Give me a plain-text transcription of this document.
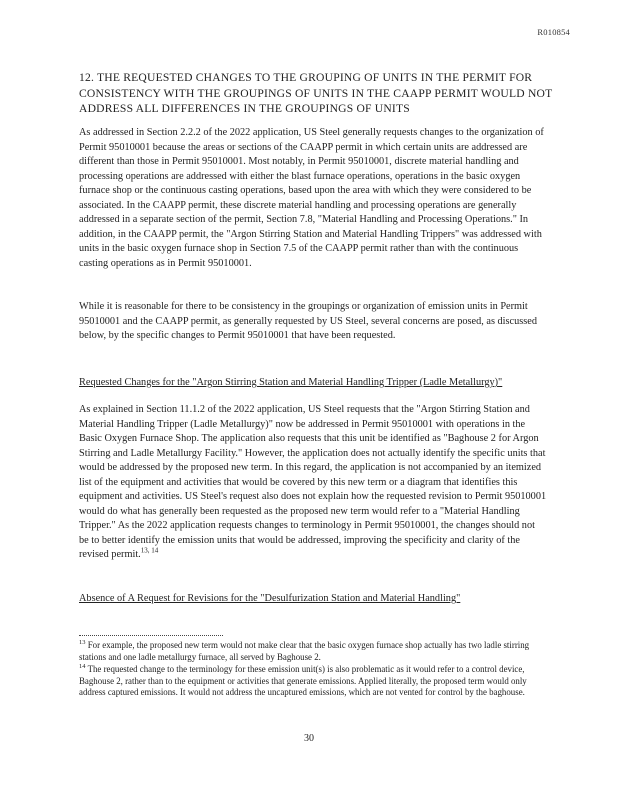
R010854
12. THE REQUESTED CHANGES TO THE GROUPING OF UNITS IN THE PERMIT FOR CONSISTENCY WITH THE GROUPINGS OF UNITS IN THE CAAPP PERMIT WOULD NOT ADDRESS ALL DIFFERENCES IN THE GROUPINGS OF UNITS

As addressed in Section 2.2.2 of the 2022 application, US Steel generally requests changes to the organization of Permit 95010001 because the areas or sections of the CAAPP permit in which certain units are addressed are different than those in Permit 95010001. Most notably, in Permit 95010001, discrete material handling and processing operations are addressed with either the blast furnace operations, operations in the basic oxygen furnace shop or the continuous casting operations, based upon the area with which they were considered to be associated. In the CAAPP permit, these discrete material handling and processing operations are generally addressed in a separate section of the permit, Section 7.8, "Material Handling and Processing Operations." In addition, in the CAAPP permit, the "Argon Stirring Station and Material Handling Trippers" was addressed with units in the basic oxygen furnace shop in Section 7.5 of the CAAPP permit rather than with the continuous casting operations as in Permit 95010001.

While it is reasonable for there to be consistency in the groupings or organization of emission units in Permit 95010001 and the CAAPP permit, as generally requested by US Steel, several concerns are posed, as discussed below, by the specific changes to Permit 95010001 that have been requested.

Requested Changes for the "Argon Stirring Station and Material Handling Tripper (Ladle Metallurgy)"

As explained in Section 11.1.2 of the 2022 application, US Steel requests that the "Argon Stirring Station and Material Handling Tripper (Ladle Metallurgy)" now be addressed in Permit 95010001 with operations in the Basic Oxygen Furnace Shop. The application also requests that this unit be identified as "Baghouse 2 for Argon Stirring and Ladle Metallurgy Facility." However, the application does not actually identify the specific units that would be addressed by the proposed new term. In this regard, the application is not accompanied by an itemized list of the equipment and activities that would be covered by this new term or a diagram that identifies this equipment and activities. US Steel's request also does not explain how the requested revision to Permit 95010001 would do what has generally been requested as the proposed new term would refer to a "Material Handling Tripper." As the 2022 application requests changes to terminology in Permit 95010001, the changes should not be to better identify the emission units that would be addressed, improving the specificity and clarity of the revised permit.$^{13, 14}$

Absence of A Request for Revisions for the "Desulfurization Station and Material Handling"

$^{13}$ For example, the proposed new term would not make clear that the basic oxygen furnace shop actually has two ladle stirring stations and one ladle metallurgy furnace, all served by Baghouse 2.

$^{14}$ The requested change to the terminology for these emission unit(s) is also problematic as it would refer to a control device, Baghouse 2, rather than to the equipment or activities that generate emissions. Applied literally, the proposed term would only address captured emissions. It would not address the uncaptured emissions, which are not vented for control by the baghouse.

30
